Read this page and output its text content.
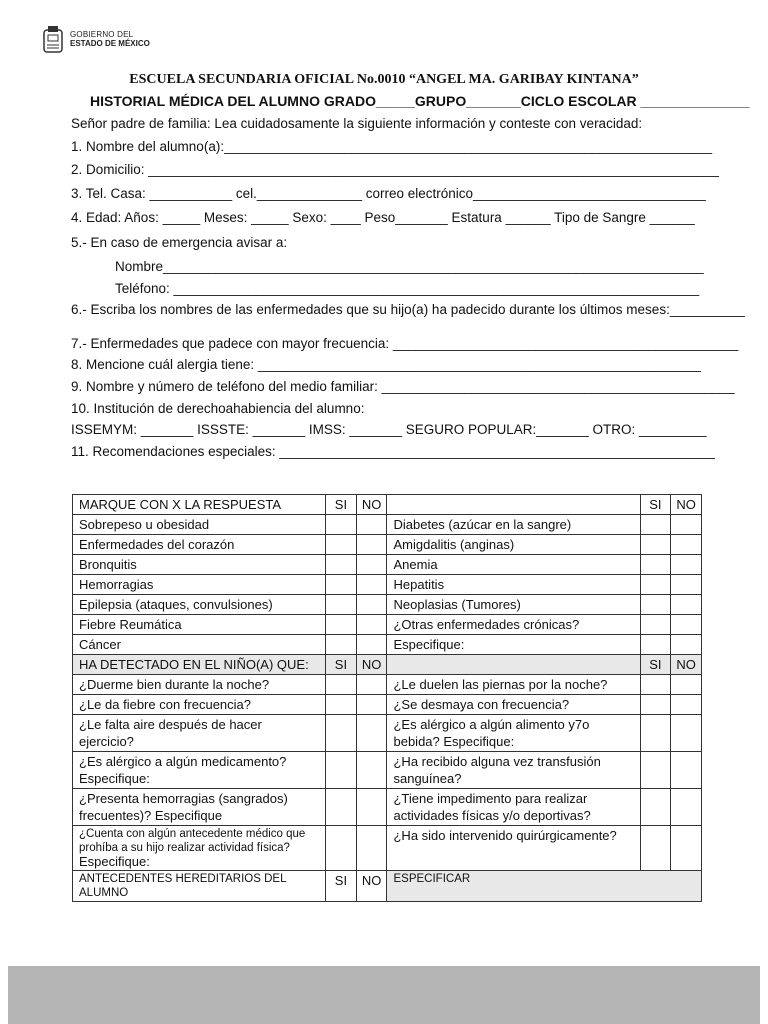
GOBIERNO DEL
ESTADO DE MÉXICO
ESCUELA SECUNDARIA OFICIAL No.0010 “ANGEL MA. GARIBAY KINTANA”
HISTORIAL MÉDICA DEL ALUMNO GRADO_____GRUPO_______CICLO ESCOLAR ______________
Señor padre de familia: Lea cuidadosamente la siguiente información y conteste con veracidad:
1. Nombre del alumno(a):_________________________________________________________________
2. Domicilio: ____________________________________________________________________________
3. Tel. Casa: ___________ cel.______________ correo electrónico_______________________________
4. Edad: Años: _____ Meses: _____ Sexo: ____ Peso_______ Estatura ______ Tipo de Sangre ______
5.- En caso de emergencia avisar a:
Nombre________________________________________________________________________
Teléfono: ______________________________________________________________________
6.- Escriba los nombres de las enfermedades que su hijo(a) ha padecido durante los últimos meses:__________
7.- Enfermedades que padece con mayor frecuencia: ______________________________________________
8. Mencione cuál alergia tiene: ___________________________________________________________
9. Nombre y número de teléfono del medio familiar: _______________________________________________
10. Institución de derechoahabiencia del alumno:
ISSEMYM: _______ ISSSTE: _______ IMSS: _______ SEGURO POPULAR:_______ OTRO: _________
11. Recomendaciones especiales: __________________________________________________________
MARQUE CON X LA RESPUESTA	SI	NO		SI	NO
Sobrepeso u obesidad			Diabetes (azúcar en la sangre)		
Enfermedades del corazón			Amigdalitis (anginas)		
Bronquitis			Anemia		
Hemorragias			Hepatitis		
Epilepsia (ataques, convulsiones)			Neoplasias (Tumores)		
Fiebre Reumática			¿Otras enfermedades crónicas?		
Cáncer			Especifique:		
HA DETECTADO EN EL NIÑO(A) QUE:	SI	NO		SI	NO
¿Duerme bien durante la noche?			¿Le duelen las piernas por la noche?		
¿Le da fiebre con frecuencia?			¿Se desmaya con frecuencia?		
¿Le falta aire después de hacer ejercicio?			¿Es alérgico a algún alimento y7o bebida? Especifique:		
¿Es alérgico a algún medicamento? Especifique:			¿Ha recibido alguna vez transfusión sanguínea?		
¿Presenta hemorragias (sangrados) frecuentes)? Especifique			¿Tiene impedimento para realizar actividades físicas y/o deportivas?		

¿Cuenta con algún antecedente médico que prohíba a su hijo realizar actividad física?
Especifique:			¿Ha sido intervenido quirúrgicamente?		
ANTECEDENTES HEREDITARIOS DEL ALUMNO	SI	NO	ESPECIFICAR		
